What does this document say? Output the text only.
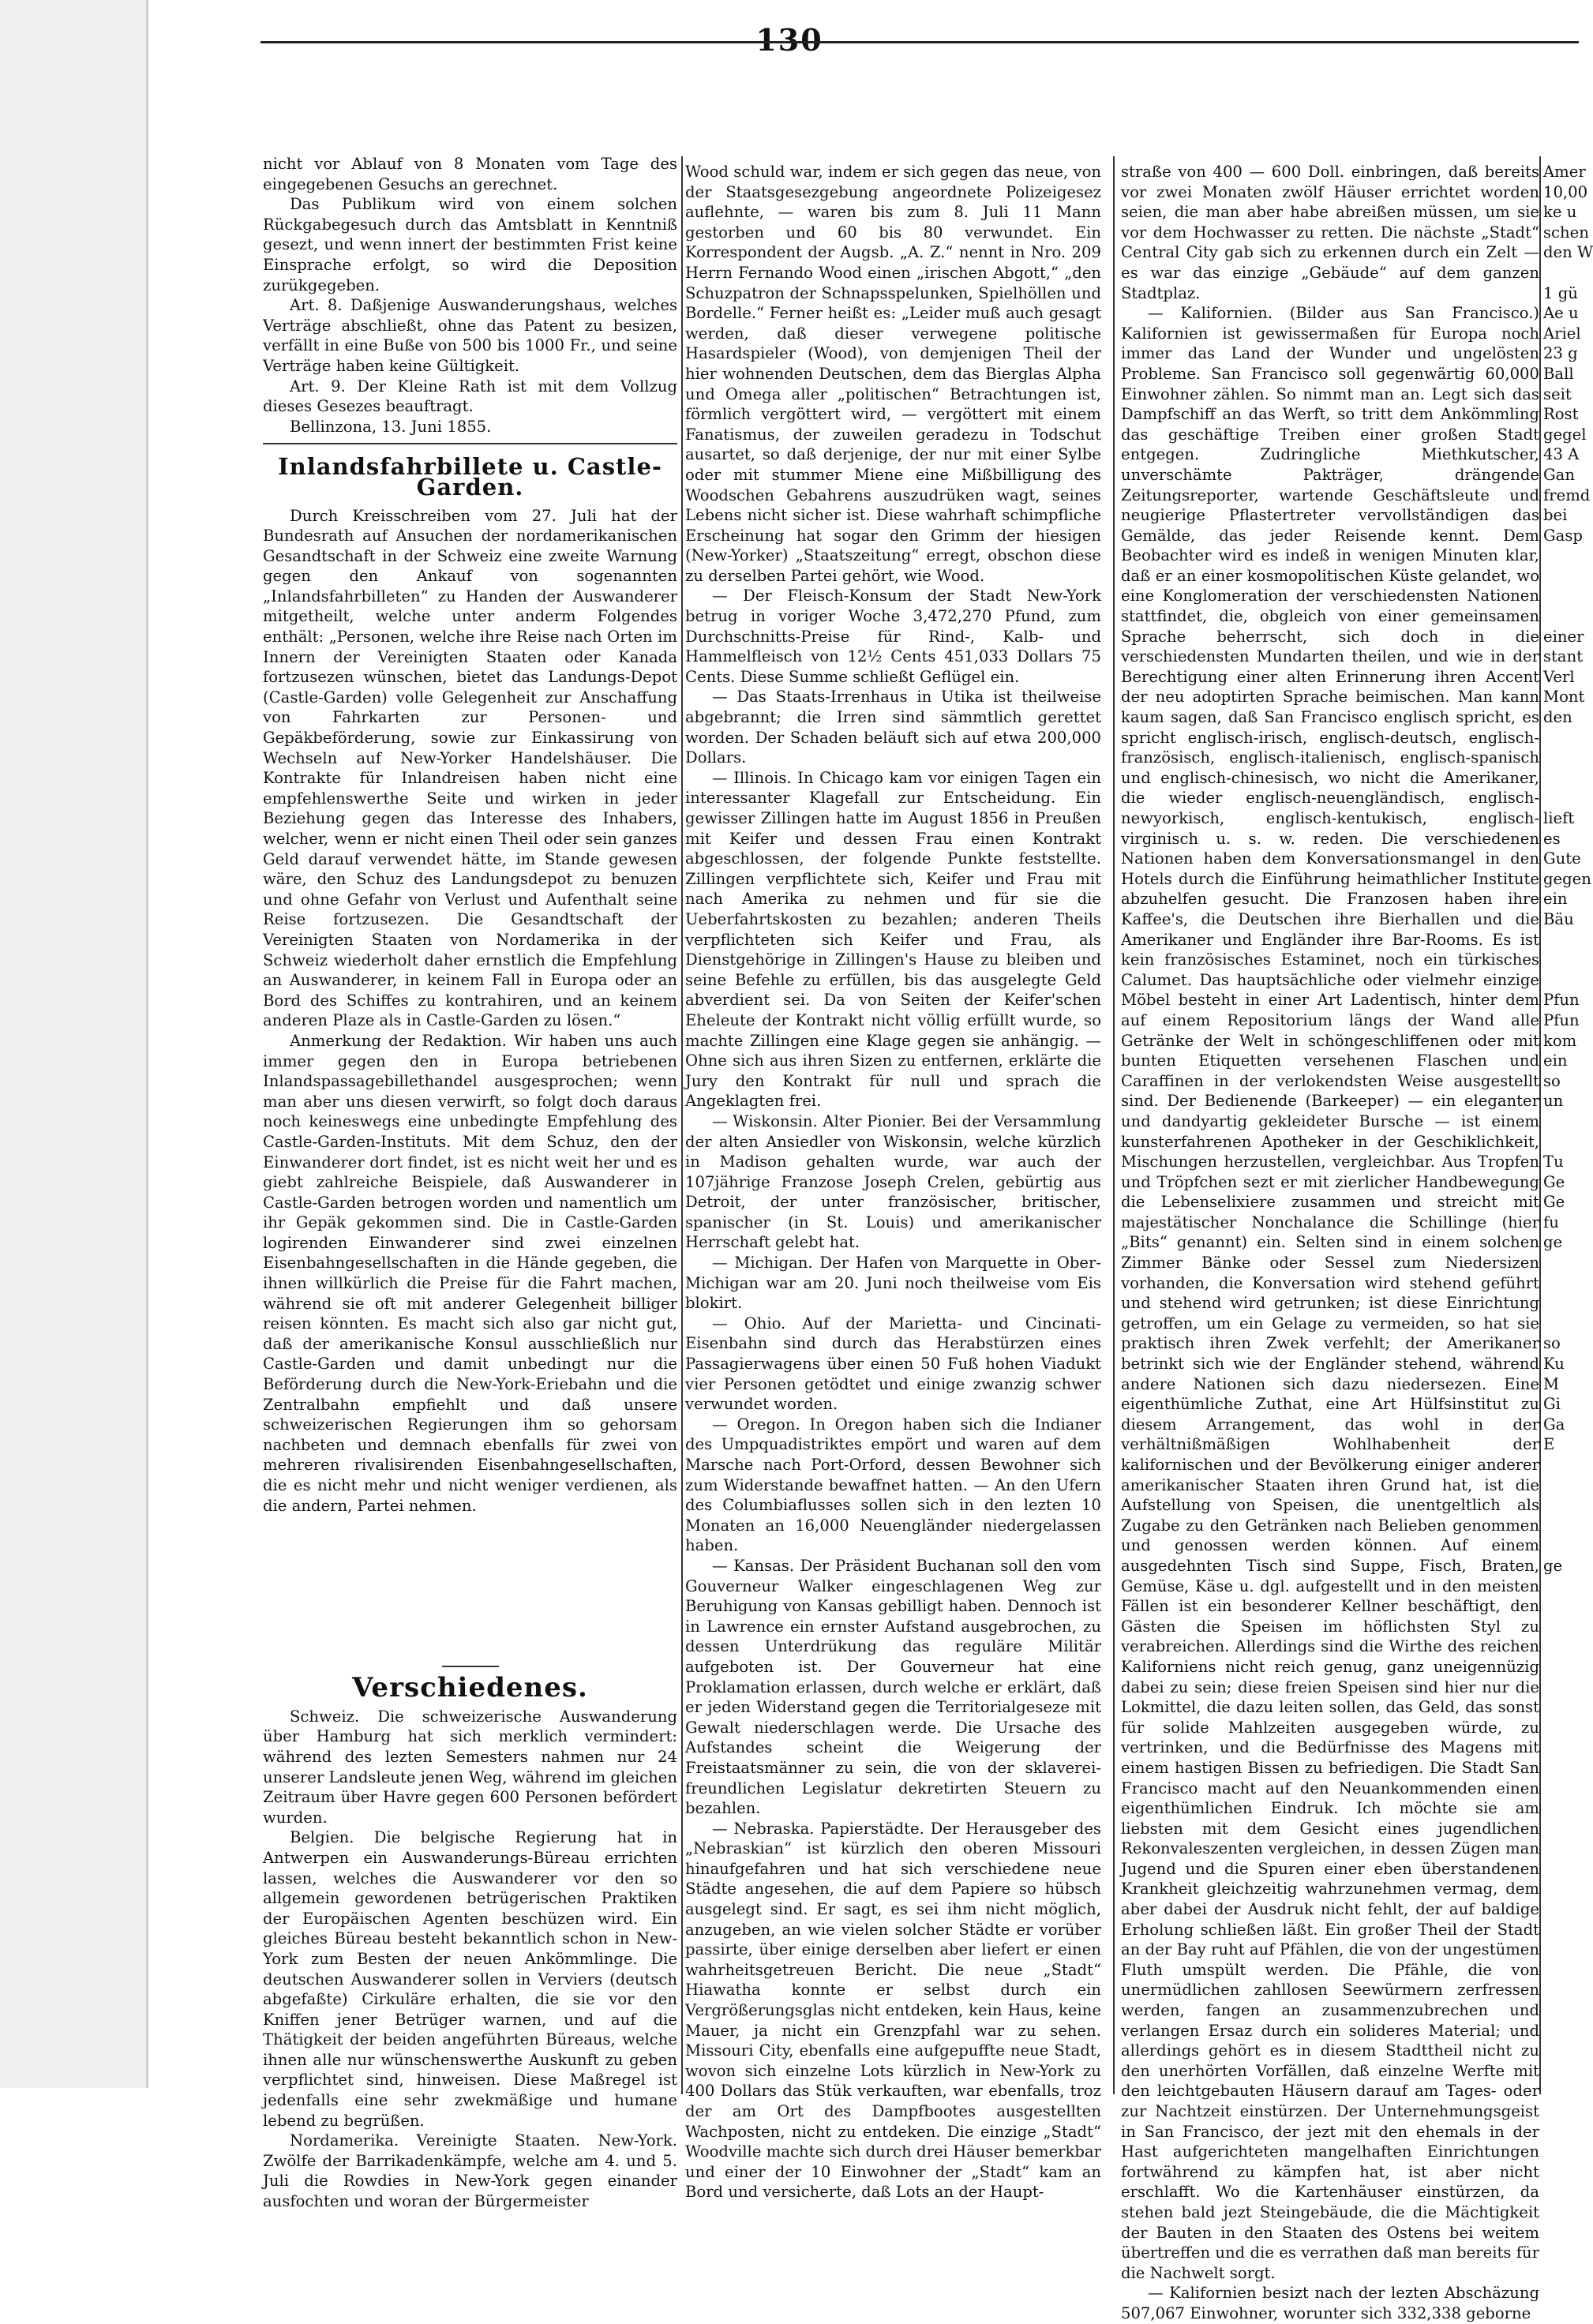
130

nicht vor Ablauf von 8 Monaten vom Tage des eingegebenen Gesuchs an gerechnet.

Das Publikum wird von einem solchen Rückgabegesuch durch das Amtsblatt in Kenntniß gesezt, und wenn innert der bestimmten Frist keine Einsprache erfolgt, so wird die Deposition zurükgegeben.

Art. 8. Daßjenige Auswanderungshaus, welches Verträge abschließt, ohne das Patent zu besizen, verfällt in eine Buße von 500 bis 1000 Fr., und seine Verträge haben keine Gültigkeit.

Art. 9. Der Kleine Rath ist mit dem Vollzug dieses Gesezes beauftragt.

Bellinzona, 13. Juni 1855.

Inlandsfahrbillete u. Castle-Garden.

Durch Kreisschreiben vom 27. Juli hat der Bundesrath auf Ansuchen der nordamerikanischen Gesandtschaft in der Schweiz eine zweite Warnung gegen den Ankauf von sogenannten „Inlandsfahrbilleten“ zu Handen der Auswanderer mitgetheilt, welche unter anderm Folgendes enthält: „Personen, welche ihre Reise nach Orten im Innern der Vereinigten Staaten oder Kanada fortzusezen wünschen, bietet das Landungs-Depot (Castle-Garden) volle Gelegenheit zur Anschaffung von Fahrkarten zur Personen- und Gepäkbeförderung, sowie zur Einkassirung von Wechseln auf New-Yorker Handelshäuser. Die Kontrakte für Inlandreisen haben nicht eine empfehlenswerthe Seite und wirken in jeder Beziehung gegen das Interesse des Inhabers, welcher, wenn er nicht einen Theil oder sein ganzes Geld darauf verwendet hätte, im Stande gewesen wäre, den Schuz des Landungsdepot zu benuzen und ohne Gefahr von Verlust und Aufenthalt seine Reise fortzusezen. Die Gesandtschaft der Vereinigten Staaten von Nordamerika in der Schweiz wiederholt daher ernstlich die Empfehlung an Auswanderer, in keinem Fall in Europa oder an Bord des Schiffes zu kontrahiren, und an keinem anderen Plaze als in Castle-Garden zu lösen.“

Anmerkung der Redaktion. Wir haben uns auch immer gegen den in Europa betriebenen Inlandspassagebillethandel ausgesprochen; wenn man aber uns diesen verwirft, so folgt doch daraus noch keineswegs eine unbedingte Empfehlung des Castle-Garden-Instituts. Mit dem Schuz, den der Einwanderer dort findet, ist es nicht weit her und es giebt zahlreiche Beispiele, daß Auswanderer in Castle-Garden betrogen worden und namentlich um ihr Gepäk gekommen sind. Die in Castle-Garden logirenden Einwanderer sind zwei einzelnen Eisenbahngesellschaften in die Hände gegeben, die ihnen willkürlich die Preise für die Fahrt machen, während sie oft mit anderer Gelegenheit billiger reisen könnten. Es macht sich also gar nicht gut, daß der amerikanische Konsul ausschließlich nur Castle-Garden und damit unbedingt nur die Beförderung durch die New-York-Eriebahn und die Zentralbahn empfiehlt und daß unsere schweizerischen Regierungen ihm so gehorsam nachbeten und demnach ebenfalls für zwei von mehreren rivalisirenden Eisenbahngesellschaften, die es nicht mehr und nicht weniger verdienen, als die andern, Partei nehmen.

Verschiedenes.

Schweiz. Die schweizerische Auswanderung über Hamburg hat sich merklich vermindert: während des lezten Semesters nahmen nur 24 unserer Landsleute jenen Weg, während im gleichen Zeitraum über Havre gegen 600 Personen befördert wurden.

Belgien. Die belgische Regierung hat in Antwerpen ein Auswanderungs-Büreau errichten lassen, welches die Auswanderer vor den so allgemein gewordenen betrügerischen Praktiken der Europäischen Agenten beschüzen wird. Ein gleiches Büreau besteht bekanntlich schon in New-York zum Besten der neuen Ankömmlinge. Die deutschen Auswanderer sollen in Verviers (deutsch abgefaßte) Cirkuläre erhalten, die sie vor den Kniffen jener Betrüger warnen, und auf die Thätigkeit der beiden angeführten Büreaus, welche ihnen alle nur wünschenswerthe Auskunft zu geben verpflichtet sind, hinweisen. Diese Maßregel ist jedenfalls eine sehr zwekmäßige und humane lebend zu begrüßen.

Nordamerika. Vereinigte Staaten. New-York. Zwölfe der Barrikadenkämpfe, welche am 4. und 5. Juli die Rowdies in New-York gegen einander ausfochten und woran der Bürgermeister

Wood schuld war, indem er sich gegen das neue, von der Staatsgesezgebung angeordnete Polizeigesez auflehnte, — waren bis zum 8. Juli 11 Mann gestorben und 60 bis 80 verwundet. Ein Korrespondent der Augsb. „A. Z.“ nennt in Nro. 209 Herrn Fernando Wood einen „irischen Abgott,“ „den Schuzpatron der Schnapsspelunken, Spielhöllen und Bordelle.“ Ferner heißt es: „Leider muß auch gesagt werden, daß dieser verwegene politische Hasardspieler (Wood), von demjenigen Theil der hier wohnenden Deutschen, dem das Bierglas Alpha und Omega aller „politischen“ Betrachtungen ist, förmlich vergöttert wird, — vergöttert mit einem Fanatismus, der zuweilen geradezu in Todschut ausartet, so daß derjenige, der nur mit einer Sylbe oder mit stummer Miene eine Mißbilligung des Woodschen Gebahrens auszudrüken wagt, seines Lebens nicht sicher ist. Diese wahrhaft schimpfliche Erscheinung hat sogar den Grimm der hiesigen (New-Yorker) „Staatszeitung“ erregt, obschon diese zu derselben Partei gehört, wie Wood.

— Der Fleisch-Konsum der Stadt New-York betrug in voriger Woche 3,472,270 Pfund, zum Durchschnitts-Preise für Rind-, Kalb- und Hammelfleisch von 12½ Cents 451,033 Dollars 75 Cents. Diese Summe schließt Geflügel ein.

— Das Staats-Irrenhaus in Utika ist theilweise abgebrannt; die Irren sind sämmtlich gerettet worden. Der Schaden beläuft sich auf etwa 200,000 Dollars.

— Illinois. In Chicago kam vor einigen Tagen ein interessanter Klagefall zur Entscheidung. Ein gewisser Zillingen hatte im August 1856 in Preußen mit Keifer und dessen Frau einen Kontrakt abgeschlossen, der folgende Punkte feststellte. Zillingen verpflichtete sich, Keifer und Frau mit nach Amerika zu nehmen und für sie die Ueberfahrtskosten zu bezahlen; anderen Theils verpflichteten sich Keifer und Frau, als Dienstgehörige in Zillingen's Hause zu bleiben und seine Befehle zu erfüllen, bis das ausgelegte Geld abverdient sei. Da von Seiten der Keifer'schen Eheleute der Kontrakt nicht völlig erfüllt wurde, so machte Zillingen eine Klage gegen sie anhängig. — Ohne sich aus ihren Sizen zu entfernen, erklärte die Jury den Kontrakt für null und sprach die Angeklagten frei.

— Wiskonsin. Alter Pionier. Bei der Versammlung der alten Ansiedler von Wiskonsin, welche kürzlich in Madison gehalten wurde, war auch der 107jährige Franzose Joseph Crelen, gebürtig aus Detroit, der unter französischer, britischer, spanischer (in St. Louis) und amerikanischer Herrschaft gelebt hat.

— Michigan. Der Hafen von Marquette in Ober-Michigan war am 20. Juni noch theilweise vom Eis blokirt.

— Ohio. Auf der Marietta- und Cincinati-Eisenbahn sind durch das Herabstürzen eines Passagierwagens über einen 50 Fuß hohen Viadukt vier Personen getödtet und einige zwanzig schwer verwundet worden.

— Oregon. In Oregon haben sich die Indianer des Umpquadistriktes empört und waren auf dem Marsche nach Port-Orford, dessen Bewohner sich zum Widerstande bewaffnet hatten. — An den Ufern des Columbiaflusses sollen sich in den lezten 10 Monaten an 16,000 Neuengländer niedergelassen haben.

— Kansas. Der Präsident Buchanan soll den vom Gouverneur Walker eingeschlagenen Weg zur Beruhigung von Kansas gebilligt haben. Dennoch ist in Lawrence ein ernster Aufstand ausgebrochen, zu dessen Unterdrükung das reguläre Militär aufgeboten ist. Der Gouverneur hat eine Proklamation erlassen, durch welche er erklärt, daß er jeden Widerstand gegen die Territorialgeseze mit Gewalt niederschlagen werde. Die Ursache des Aufstandes scheint die Weigerung der Freistaatsmänner zu sein, die von der sklaverei-freundlichen Legislatur dekretirten Steuern zu bezahlen.

— Nebraska. Papierstädte. Der Herausgeber des „Nebraskian“ ist kürzlich den oberen Missouri hinaufgefahren und hat sich verschiedene neue Städte angesehen, die auf dem Papiere so hübsch ausgelegt sind. Er sagt, es sei ihm nicht möglich, anzugeben, an wie vielen solcher Städte er vorüber passirte, über einige derselben aber liefert er einen wahrheitsgetreuen Bericht. Die neue „Stadt“ Hiawatha konnte er selbst durch ein Vergrößerungsglas nicht entdeken, kein Haus, keine Mauer, ja nicht ein Grenzpfahl war zu sehen. Missouri City, ebenfalls eine aufgepuffte neue Stadt, wovon sich einzelne Lots kürzlich in New-York zu 400 Dollars das Stük verkauften, war ebenfalls, troz der am Ort des Dampfbootes ausgestellten Wachposten, nicht zu entdeken. Die einzige „Stadt“ Woodville machte sich durch drei Häuser bemerkbar und einer der 10 Einwohner der „Stadt“ kam an Bord und versicherte, daß Lots an der Haupt-

straße von 400 — 600 Doll. einbringen, daß bereits vor zwei Monaten zwölf Häuser errichtet worden seien, die man aber habe abreißen müssen, um sie vor dem Hochwasser zu retten. Die nächste „Stadt“ Central City gab sich zu erkennen durch ein Zelt — es war das einzige „Gebäude“ auf dem ganzen Stadtplaz.

— Kalifornien. (Bilder aus San Francisco.) Kalifornien ist gewissermaßen für Europa noch immer das Land der Wunder und ungelösten Probleme. San Francisco soll gegenwärtig 60,000 Einwohner zählen. So nimmt man an. Legt sich das Dampfschiff an das Werft, so tritt dem Ankömmling das geschäftige Treiben einer großen Stadt entgegen. Zudringliche Miethkutscher, unverschämte Pakträger, drängende Zeitungsreporter, wartende Geschäftsleute und neugierige Pflastertreter vervollständigen das Gemälde, das jeder Reisende kennt. Dem Beobachter wird es indeß in wenigen Minuten klar, daß er an einer kosmopolitischen Küste gelandet, wo eine Konglomeration der verschiedensten Nationen stattfindet, die, obgleich von einer gemeinsamen Sprache beherrscht, sich doch in die verschiedensten Mundarten theilen, und wie in der Berechtigung einer alten Erinnerung ihren Accent der neu adoptirten Sprache beimischen. Man kann kaum sagen, daß San Francisco englisch spricht, es spricht englisch-irisch, englisch-deutsch, englisch-französisch, englisch-italienisch, englisch-spanisch und englisch-chinesisch, wo nicht die Amerikaner, die wieder englisch-neuengländisch, englisch-newyorkisch, englisch-kentukisch, englisch-virginisch u. s. w. reden. Die verschiedenen Nationen haben dem Konversationsmangel in den Hotels durch die Einführung heimathlicher Institute abzuhelfen gesucht. Die Franzosen haben ihre Kaffee's, die Deutschen ihre Bierhallen und die Amerikaner und Engländer ihre Bar-Rooms. Es ist kein französisches Estaminet, noch ein türkisches Calumet. Das hauptsächliche oder vielmehr einzige Möbel besteht in einer Art Ladentisch, hinter dem auf einem Repositorium längs der Wand alle Getränke der Welt in schöngeschliffenen oder mit bunten Etiquetten versehenen Flaschen und Caraffinen in der verlokendsten Weise ausgestellt sind. Der Bedienende (Barkeeper) — ein eleganter und dandyartig gekleideter Bursche — ist einem kunsterfahrenen Apotheker in der Geschiklichkeit, Mischungen herzustellen, vergleichbar. Aus Tropfen und Tröpfchen sezt er mit zierlicher Handbewegung die Lebenselixiere zusammen und streicht mit majestätischer Nonchalance die Schillinge (hier „Bits“ genannt) ein. Selten sind in einem solchen Zimmer Bänke oder Sessel zum Niedersizen vorhanden, die Konversation wird stehend geführt und stehend wird getrunken; ist diese Einrichtung getroffen, um ein Gelage zu vermeiden, so hat sie praktisch ihren Zwek verfehlt; der Amerikaner betrinkt sich wie der Engländer stehend, während andere Nationen sich dazu niedersezen. Eine eigenthümliche Zuthat, eine Art Hülfsinstitut zu diesem Arrangement, das wohl in der verhältnißmäßigen Wohlhabenheit der kalifornischen und der Bevölkerung einiger anderer amerikanischer Staaten ihren Grund hat, ist die Aufstellung von Speisen, die unentgeltlich als Zugabe zu den Getränken nach Belieben genommen und genossen werden können. Auf einem ausgedehnten Tisch sind Suppe, Fisch, Braten, Gemüse, Käse u. dgl. aufgestellt und in den meisten Fällen ist ein besonderer Kellner beschäftigt, den Gästen die Speisen im höflichsten Styl zu verabreichen. Allerdings sind die Wirthe des reichen Kaliforniens nicht reich genug, ganz uneigennüzig dabei zu sein; diese freien Speisen sind hier nur die Lokmittel, die dazu leiten sollen, das Geld, das sonst für solide Mahlzeiten ausgegeben würde, zu vertrinken, und die Bedürfnisse des Magens mit einem hastigen Bissen zu befriedigen. Die Stadt San Francisco macht auf den Neuankommenden einen eigenthümlichen Eindruk. Ich möchte sie am liebsten mit dem Gesicht eines jugendlichen Rekonvaleszenten vergleichen, in dessen Zügen man Jugend und die Spuren einer eben überstandenen Krankheit gleichzeitig wahrzunehmen vermag, dem aber dabei der Ausdruk nicht fehlt, der auf baldige Erholung schließen läßt. Ein großer Theil der Stadt an der Bay ruht auf Pfählen, die von der ungestümen Fluth umspült werden. Die Pfähle, die von unermüdlichen zahllosen Seewürmern zerfressen werden, fangen an zusammenzubrechen und verlangen Ersaz durch ein solideres Material; und allerdings gehört es in diesem Stadttheil nicht zu den unerhörten Vorfällen, daß einzelne Werfte mit den leichtgebauten Häusern darauf am Tages- oder zur Nachtzeit einstürzen. Der Unternehmungsgeist in San Francisco, der jezt mit den ehemals in der Hast aufgerichteten mangelhaften Einrichtungen fortwährend zu kämpfen hat, ist aber nicht erschlafft. Wo die Kartenhäuser einstürzen, da stehen bald jezt Steingebäude, die die Mächtigkeit der Bauten in den Staaten des Ostens bei weitem übertreffen und die es verrathen daß man bereits für die Nachwelt sorgt.

— Kalifornien besizt nach der lezten Abschäzung 507,067 Einwohner, worunter sich 332,338 geborne

Amer
10,00
ke u
schen
den W

1 gü
Ae u
Ariel
23 g
Ball
seit
Rost
gegel
43 A
Gan
fremd
bei
Gasp

einer
stant
Verl
Mont
den

lieft
es
Gute
gegen
ein
Bäu

Pfun
Pfun
kom
ein
so
un

Tu
Ge
Ge
fu
ge

so
Ku
M
Gi
Ga
E

ge
